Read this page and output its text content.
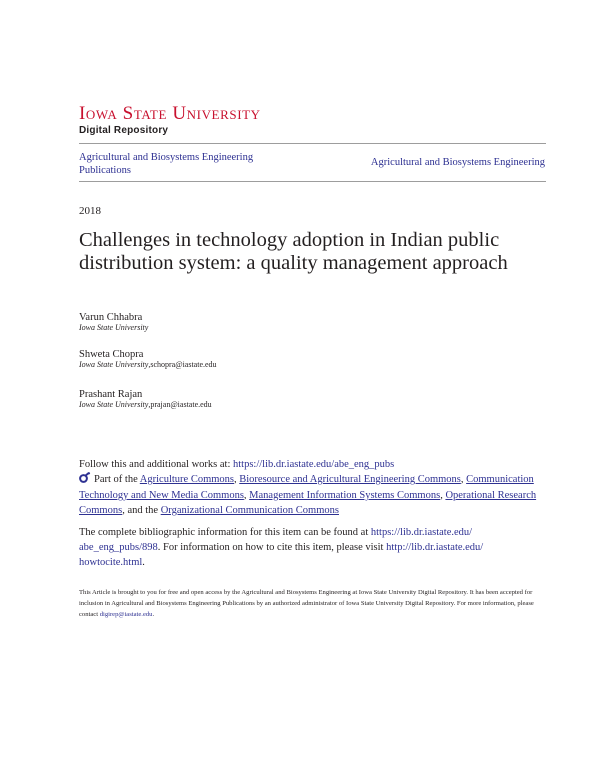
Iowa State University
Digital Repository
Agricultural and Biosystems Engineering Publications
Agricultural and Biosystems Engineering
2018
Challenges in technology adoption in Indian public distribution system: a quality management approach
Varun Chhabra
Iowa State University
Shweta Chopra
Iowa State University,schopra@iastate.edu
Prashant Rajan
Iowa State University,prajan@iastate.edu
Follow this and additional works at: https://lib.dr.iastate.edu/abe_eng_pubs
Part of the Agriculture Commons, Bioresource and Agricultural Engineering Commons, Communication Technology and New Media Commons, Management Information Systems Commons, Operational Research Commons, and the Organizational Communication Commons
The complete bibliographic information for this item can be found at https://lib.dr.iastate.edu/
abe_eng_pubs/898. For information on how to cite this item, please visit http://lib.dr.iastate.edu/
howtocite.html.
This Article is brought to you for free and open access by the Agricultural and Biosystems Engineering at Iowa State University Digital Repository. It has been accepted for inclusion in Agricultural and Biosystems Engineering Publications by an authorized administrator of Iowa State University Digital Repository. For more information, please contact digirep@iastate.edu.
